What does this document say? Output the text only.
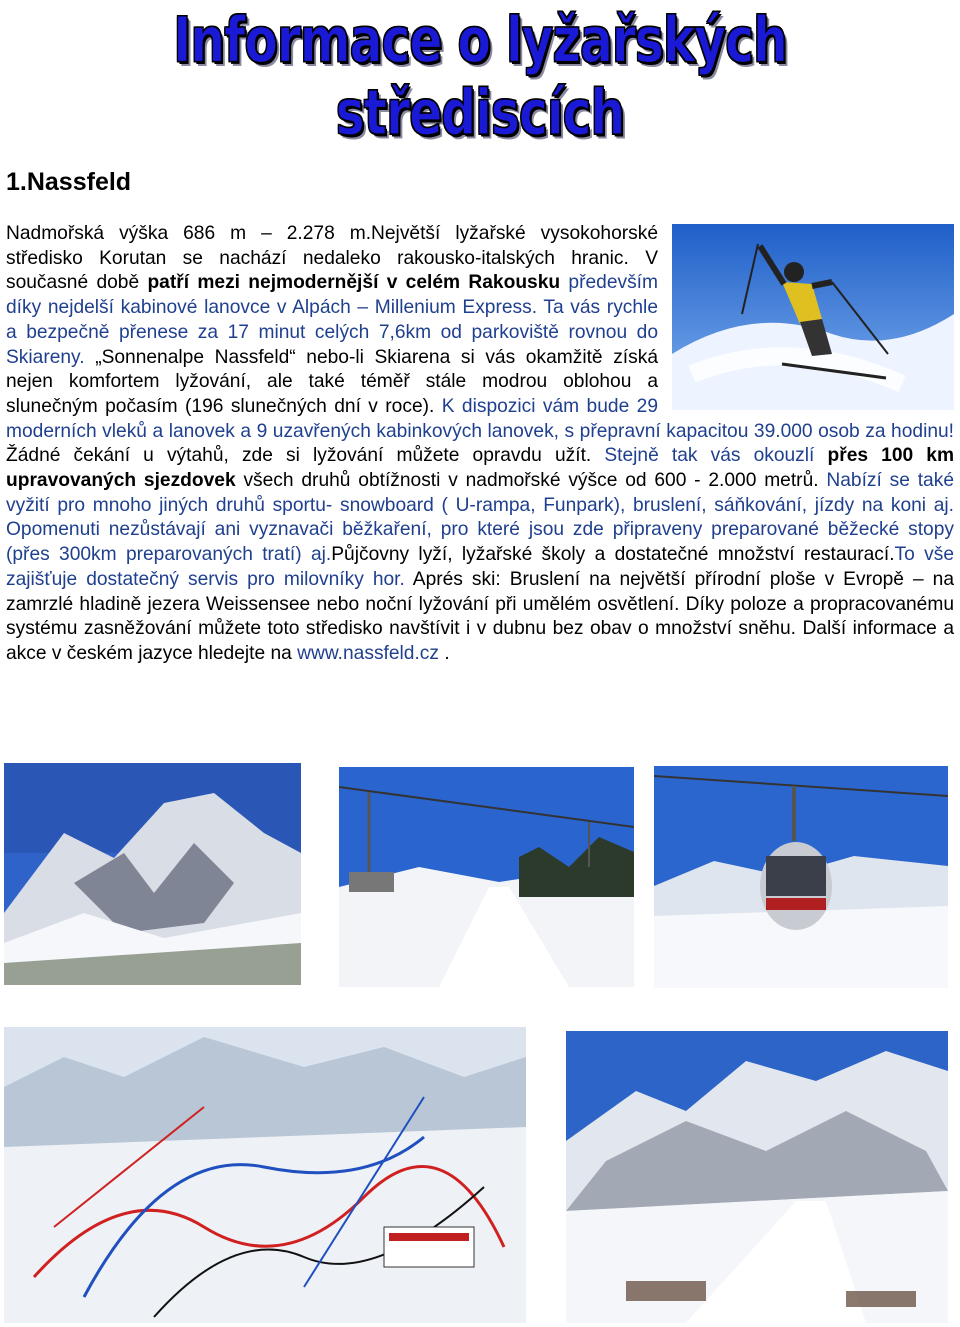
Informace o lyžařských střediscích
1.Nassfeld
Nadmořská výška 686 m – 2.278 m.Největší lyžařské vysokohorské středisko Korutan se nachází nedaleko rakousko-italských hranic. V současné době patří mezi nejmodernější v celém Rakousku především díky nejdelší kabinové lanovce v Alpách – Millenium Express. Ta vás rychle a bezpečně přenese za 17 minut celých 7,6km od parkoviště rovnou do Skiareny. „Sonnenalpe Nassfeld“ nebo-li Skiarena si vás okamžitě získá nejen komfortem lyžování, ale také téměř stále modrou oblohou a slunečným počasím (196 slunečných dní v roce). K dispozici vám bude 29 moderních vleků a lanovek a 9 uzavřených kabinkových lanovek, s přepravní kapacitou 39.000 osob za hodinu! Žádné čekání u výtahů, zde si lyžování můžete opravdu užít. Stejně tak vás okouzlí přes 100 km upravovaných sjezdovek všech druhů obtížnosti v nadmořské výšce od 600 - 2.000 metrů. Nabízí se také vyžití pro mnoho jiných druhů sportu- snowboard ( U-rampa, Funpark), bruslení, sáňkování, jízdy na koni aj. Opomenuti nezůstávají ani vyznavači běžkaření, pro které jsou zde připraveny preparované běžecké stopy (přes 300km preparovaných tratí) aj.Půjčovny lyží, lyžařské školy a dostatečné množství restaurací.To vše zajišťuje dostatečný servis pro milovníky hor. Aprés ski: Bruslení na největší přírodní ploše v Evropě – na zamrzlé hladině jezera Weissensee nebo noční lyžování při umělém osvětlení. Díky poloze a propracovanému systému zasněžování můžete toto středisko navštívit i v dubnu bez obav o množství sněhu. Další informace a akce v českém jazyce hledejte na www.nassfeld.cz .
